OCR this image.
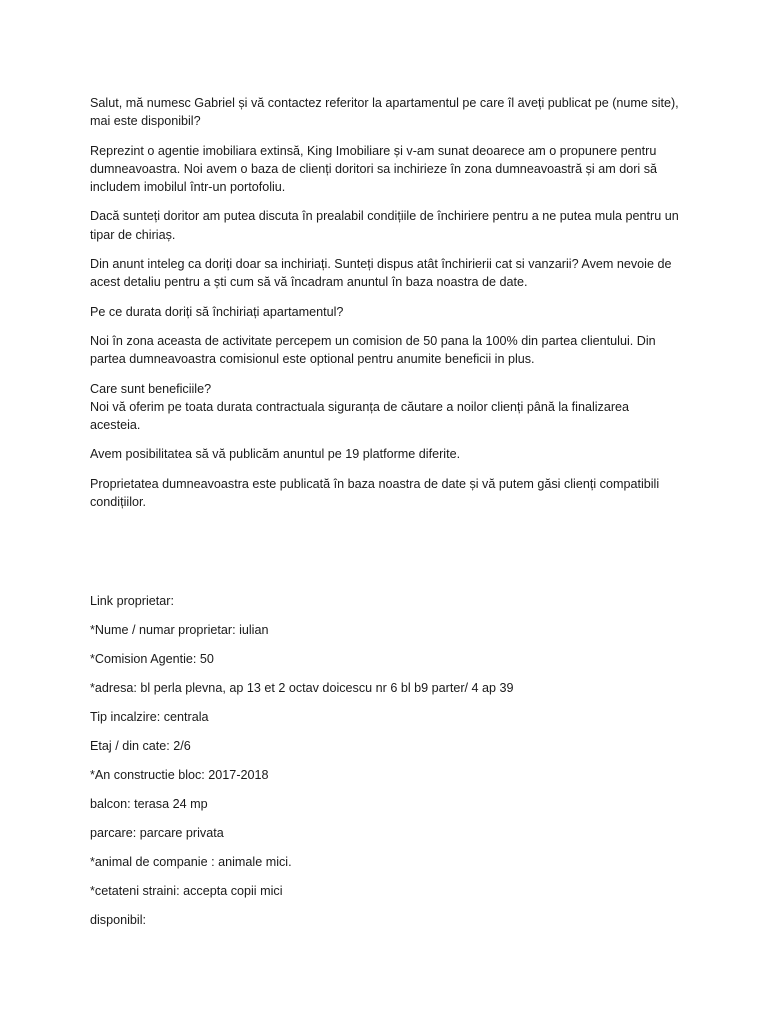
Salut, mă numesc Gabriel și vă contactez referitor la apartamentul pe care îl aveți publicat pe (nume site), mai este disponibil?

Reprezint o agentie imobiliara extinsă, King Imobiliare și v-am sunat deoarece am o propunere pentru dumneavoastra. Noi avem o baza de clienți doritori sa inchirieze în zona dumneavoastră și am dori să includem imobilul într-un portofoliu.

Dacă sunteți doritor am putea discuta în prealabil condițiile de închiriere pentru a ne putea mula pentru un tipar de chiriaș.

Din anunt inteleg ca doriți doar sa inchiriați. Sunteți dispus atât închirierii cat si vanzarii? Avem nevoie de acest detaliu pentru a ști cum să vă încadram anuntul în baza noastra de date.

Pe ce durata doriți să închiriați apartamentul?

Noi în zona aceasta de activitate percepem un comision de 50 pana la 100% din partea clientului. Din partea dumneavoastra comisionul este optional pentru anumite beneficii in plus.

Care sunt beneficiile?
Noi vă oferim pe toata durata contractuala siguranța de căutare a noilor clienți până la finalizarea acesteia.

Avem posibilitatea să vă publicăm anuntul pe 19 platforme diferite.

Proprietatea dumneavoastra este publicată în baza noastra de date și vă putem găsi clienți compatibili condițiilor.

Link proprietar:
*Nume / numar proprietar: iulian
*Comision Agentie: 50
*adresa: bl perla plevna, ap 13 et 2 octav doicescu nr 6 bl b9 parter/ 4 ap 39
Tip incalzire: centrala
Etaj / din cate: 2/6
*An constructie bloc: 2017-2018
balcon: terasa 24 mp
parcare: parcare privata
*animal de companie : animale mici.
*cetateni straini: accepta copii mici
disponibil:
